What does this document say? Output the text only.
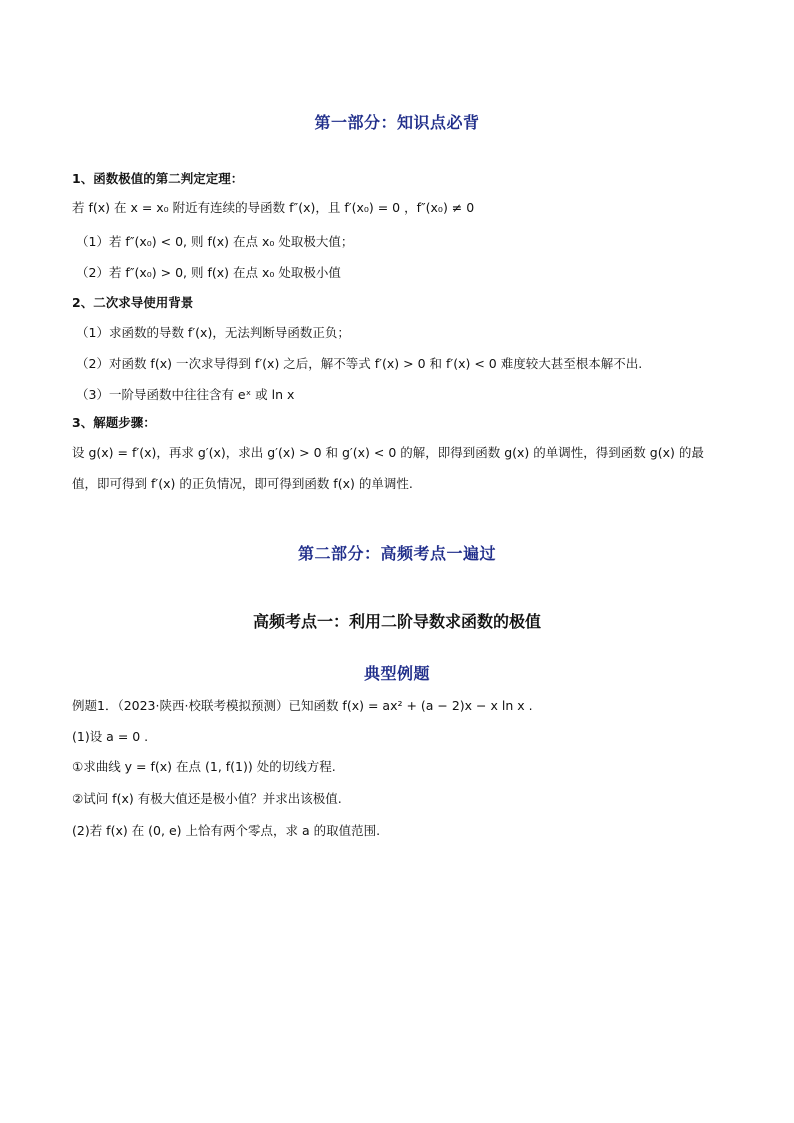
第一部分：知识点必背
1、函数极值的第二判定定理：
若 f(x) 在 x = x₀ 附近有连续的导函数 f″(x)，且 f′(x₀) = 0 ，f″(x₀) ≠ 0
（1）若 f″(x₀) < 0, 则 f(x) 在点 x₀ 处取极大值；
（2）若 f″(x₀) > 0, 则 f(x) 在点 x₀ 处取极小值
2、二次求导使用背景
（1）求函数的导数 f′(x)，无法判断导函数正负；
（2）对函数 f(x) 一次求导得到 f′(x) 之后，解不等式 f′(x) > 0 和 f′(x) < 0 难度较大甚至根本解不出.
（3）一阶导函数中往往含有 eˣ 或 ln x
3、解题步骤：
设 g(x) = f′(x)，再求 g′(x)，求出 g′(x) > 0 和 g′(x) < 0 的解，即得到函数 g(x) 的单调性，得到函数 g(x) 的最值，即可得到 f′(x) 的正负情况，即可得到函数 f(x) 的单调性.
第二部分：高频考点一遍过
高频考点一：利用二阶导数求函数的极值
典型例题
例题1．（2023·陕西·校联考模拟预测）已知函数 f(x) = ax² + (a − 2)x − x ln x .
(1)设 a = 0 .
①求曲线 y = f(x) 在点 (1, f(1)) 处的切线方程.
②试问 f(x) 有极大值还是极小值？并求出该极值.
(2)若 f(x) 在 (0, e) 上恰有两个零点，求 a 的取值范围.
